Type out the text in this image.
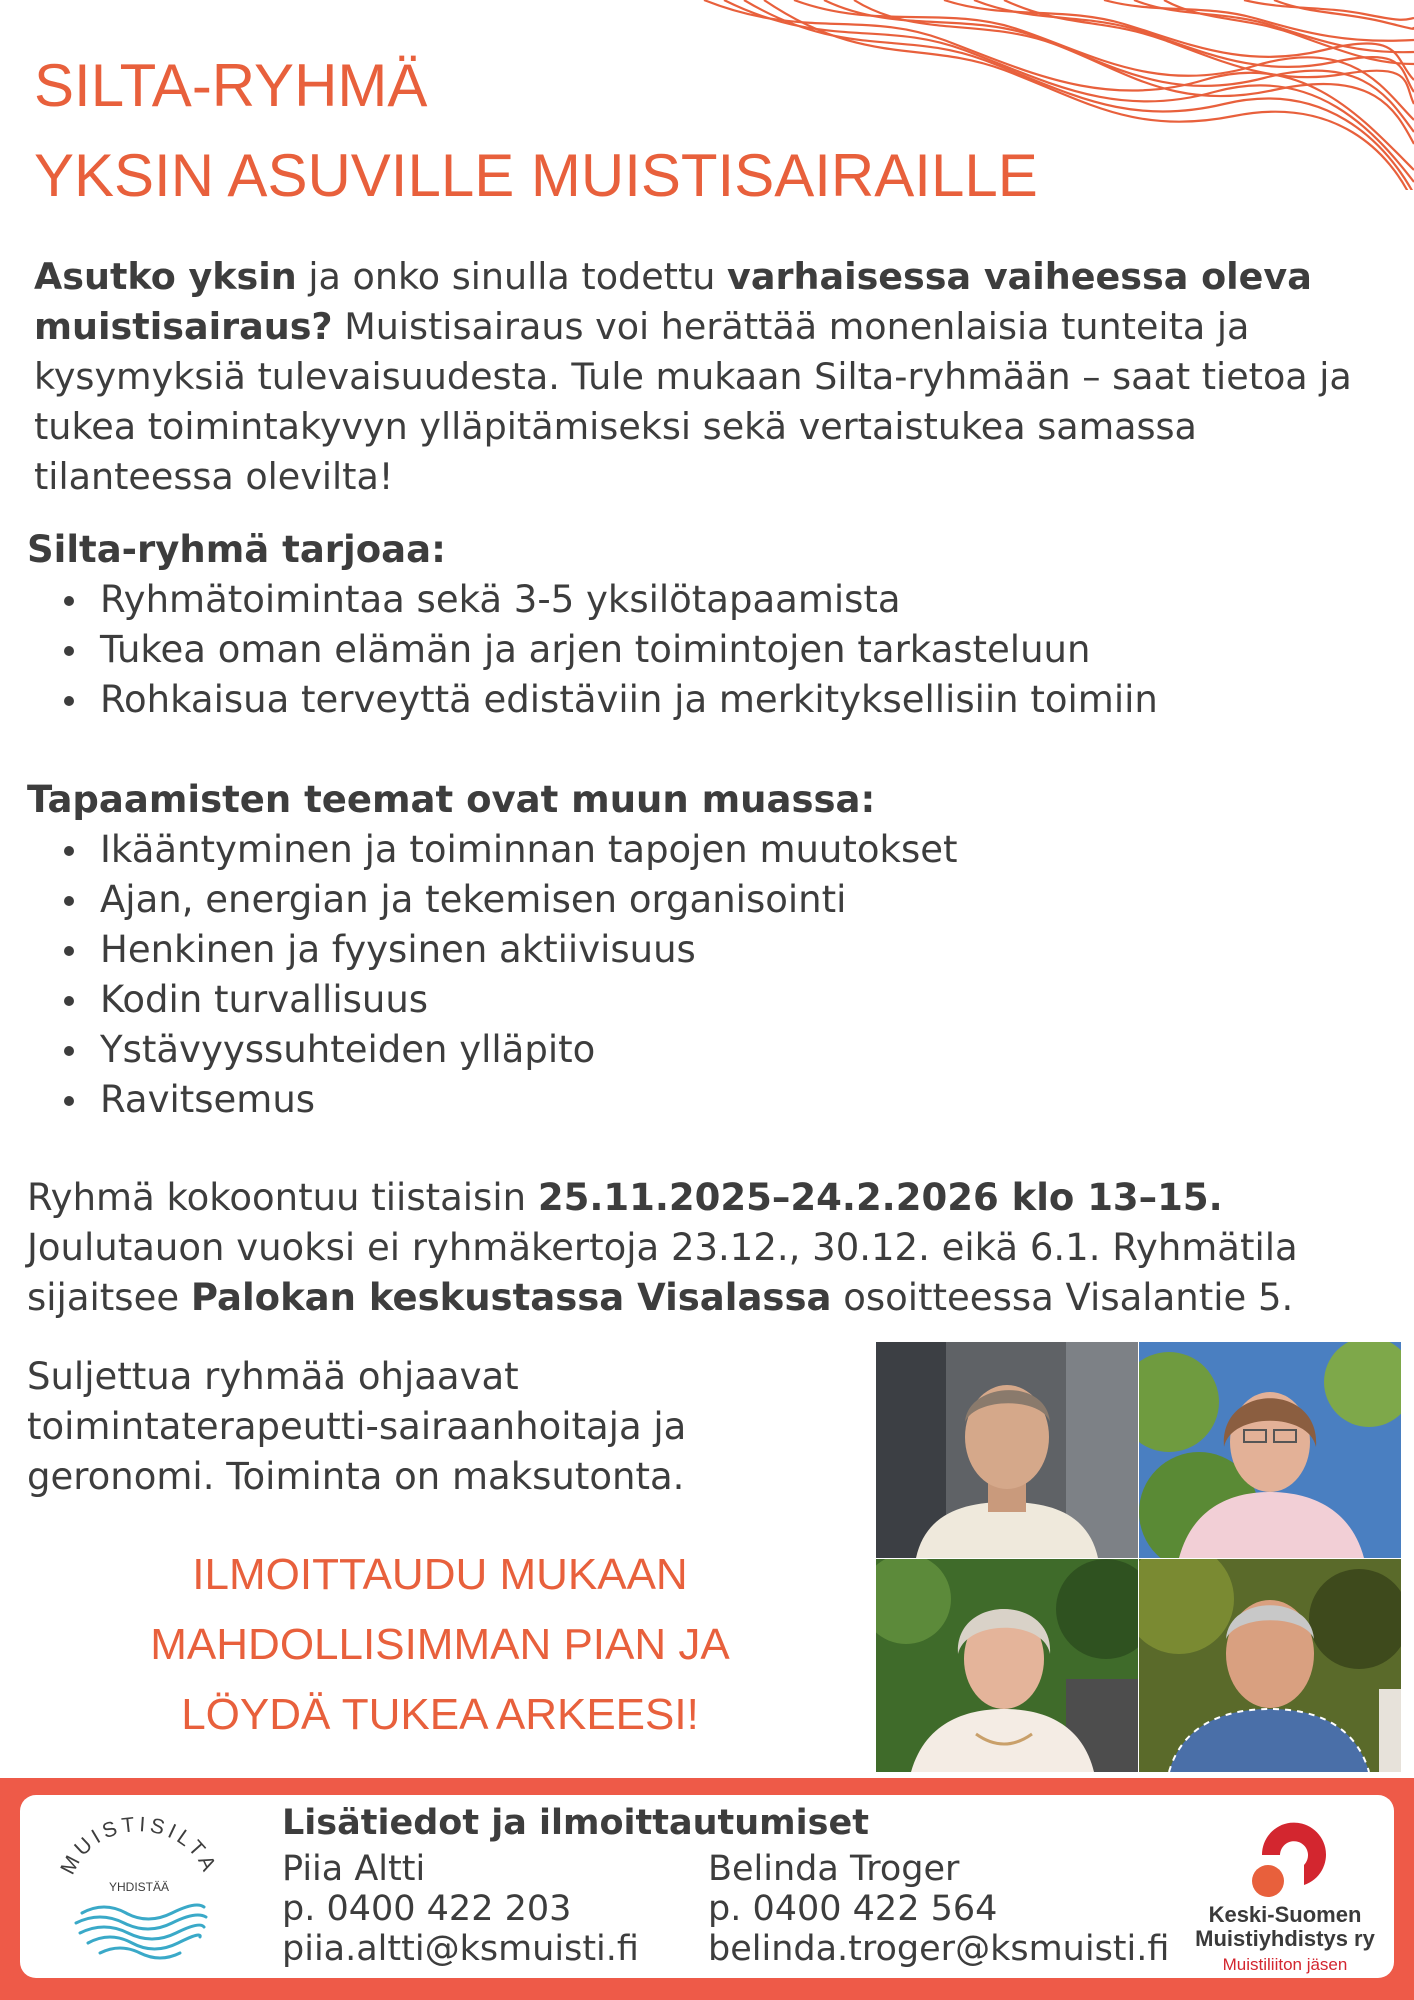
SILTA-RYHMÄ
YKSIN ASUVILLE MUISTISAIRAILLE

Asutko yksin ja onko sinulla todettu varhaisessa vaiheessa oleva muistisairaus? Muistisairaus voi herättää monenlaisia tunteita ja kysymyksiä tulevaisuudesta. Tule mukaan Silta-ryhmään – saat tietoa ja tukea toimintakyvyn ylläpitämiseksi sekä vertaistukea samassa tilanteessa olevilta!

Silta-ryhmä tarjoaa:
Ryhmätoimintaa sekä 3-5 yksilötapaamista
Tukea oman elämän ja arjen toimintojen tarkasteluun
Rohkaisua terveyttä edistäviin ja merkityksellisiin toimiin
Tapaamisten teemat ovat muun muassa:
Ikääntyminen ja toiminnan tapojen muutokset
Ajan, energian ja tekemisen organisointi
Henkinen ja fyysinen aktiivisuus
Kodin turvallisuus
Ystävyyssuhteiden ylläpito
Ravitsemus

Ryhmä kokoontuu tiistaisin 25.11.2025–24.2.2026 klo 13–15. Joulutauon vuoksi ei ryhmäkertoja 23.12., 30.12. eikä 6.1. Ryhmätila sijaitsee Palokan keskustassa Visalassa osoitteessa Visalantie 5.

Suljettua ryhmää ohjaavat toimintaterapeutti-sairaanhoitaja ja geronomi. Toiminta on maksutonta.

ILMOITTAUDU MUKAAN
MAHDOLLISIMMAN PIAN JA
LÖYDÄ TUKEA ARKEESI!
MUISTISILTA
YHDISTÄÄ
Lisätiedot ja ilmoittautumiset
Piia Altti
p. 0400 422 203
piia.altti@ksmuisti.fi
Belinda Troger
p. 0400 422 564
belinda.troger@ksmuisti.fi
Keski-Suomen
Muistiyhdistys ry
Muistiliiton jäsen
